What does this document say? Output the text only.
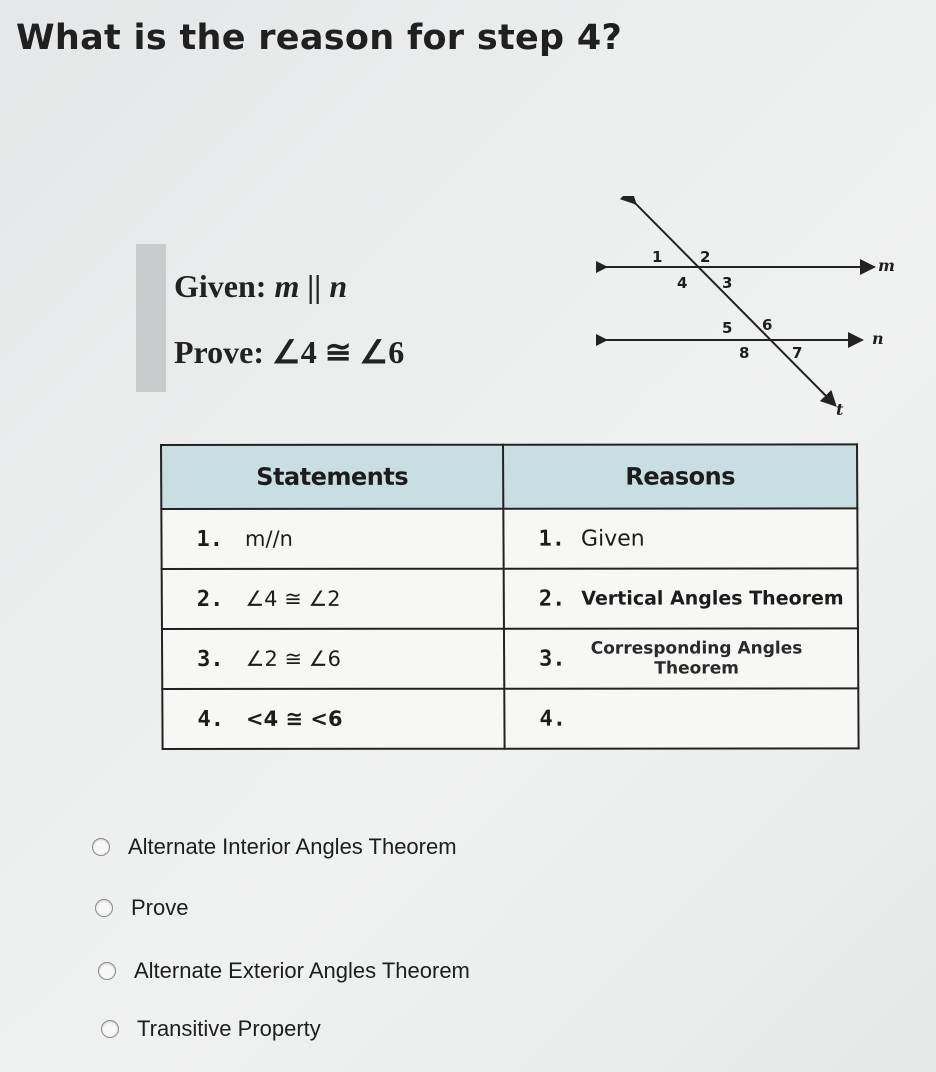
What is the reason for step 4?
Given: m || n
Prove: ∠4 ≅ ∠6
1	2
4 3
5 6
8	7
m
n
t
Statements	Reasons

1. m//n	1. Given

2. ∠4 ≅ ∠2	2. Vertical Angles Theorem

3. ∠2 ≅ ∠6	3. Corresponding Angles Theorem

4. <4 ≅ <6	4.
Alternate Interior Angles Theorem
Prove
Alternate Exterior Angles Theorem
Transitive Property
